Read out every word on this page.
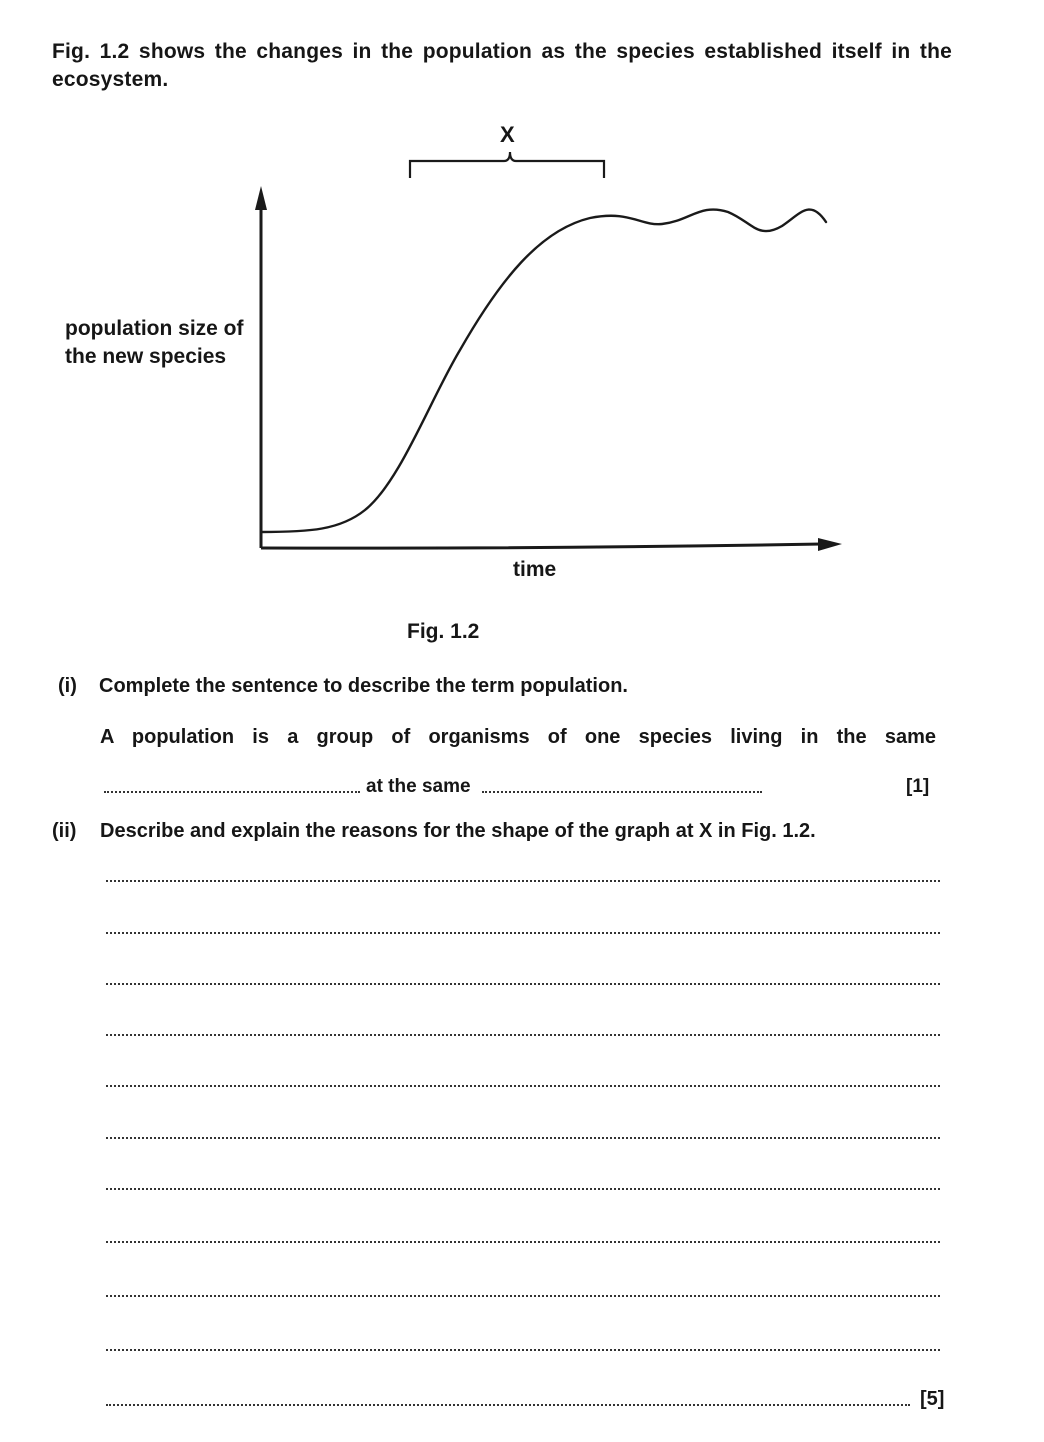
Fig. 1.2 shows the changes in the population as the species established itself in the ecosystem.
X
population size of the new species
time
Fig. 1.2
(i) Complete the sentence to describe the term population.
A population is a group of organisms of one species living in the same
at the same	[1]
(ii) Describe and explain the reasons for the shape of the graph at X in Fig. 1.2.
[5]
